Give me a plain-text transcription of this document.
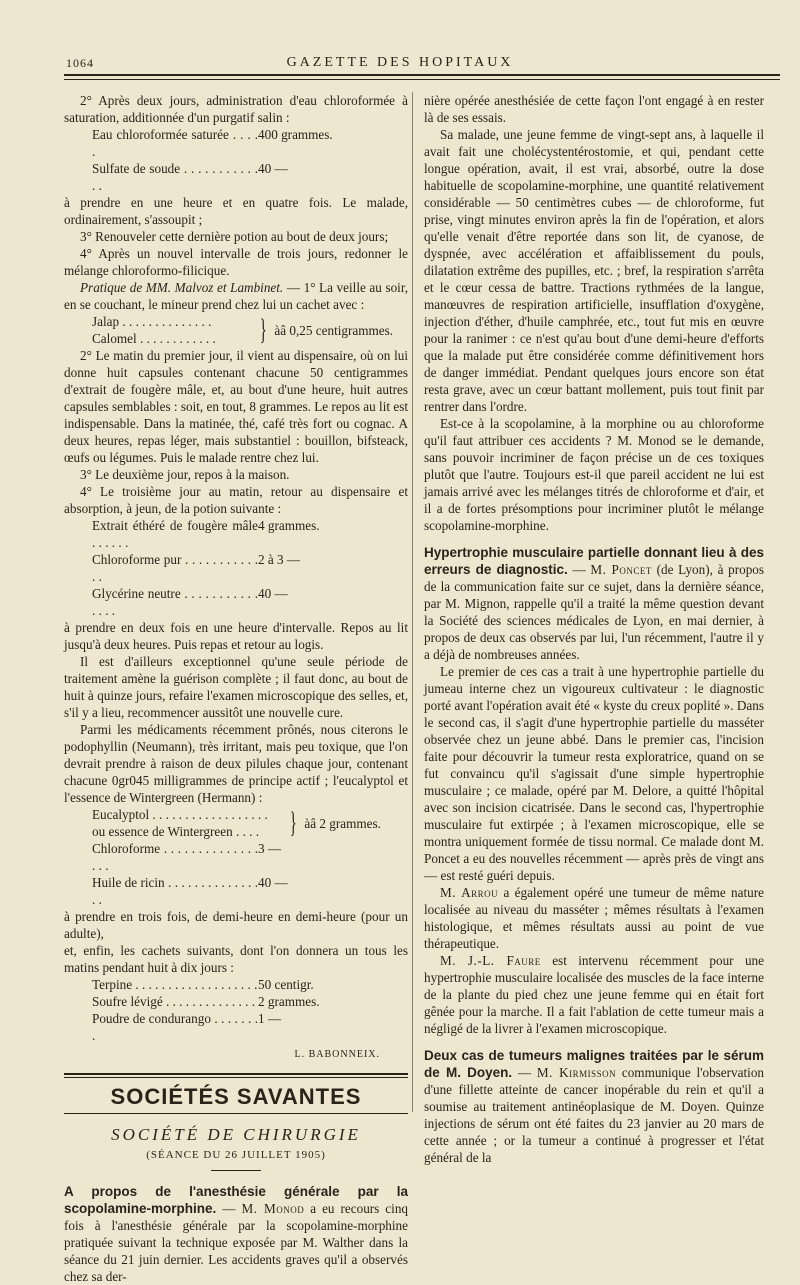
1064	GAZETTE DES HOPITAUX

2° Après deux jours, administration d'eau chloroformée à saturation, additionnée d'un purgatif salin :

Eau chloroformée saturée . . . . .
400 grammes.
Sulfate de soude . . . . . . . . . . . . .
40 —

à prendre en une heure et en quatre fois. Le malade, ordinairement, s'assoupit ;

3° Renouveler cette dernière potion au bout de deux jours;

4° Après un nouvel intervalle de trois jours, redonner le mélange chloroformo-filicique.

Pratique de MM. Malvoz et Lambinet. — 1° La veille au soir, en se couchant, le mineur prend chez lui un cachet avec :

Jalap . . . . . . . . . . . . . .
Calomel . . . . . . . . . . . .	} àâ 0,25 centigrammes.

2° Le matin du premier jour, il vient au dispensaire, où on lui donne huit capsules contenant chacune 50 centigrammes d'extrait de fougère mâle, et, au bout d'une heure, huit autres capsules semblables : soit, en tout, 8 grammes. Le repos au lit est indispensable. Dans la matinée, thé, café très fort ou cognac. A deux heures, repas léger, mais substantiel : bouillon, bifsteack, œufs ou légumes. Puis le malade rentre chez lui.

3° Le deuxième jour, repos à la maison.

4° Le troisième jour au matin, retour au dispensaire et absorption, à jeun, de la potion suivante :

Extrait éthéré de fougère mâle . . . . . .
4 grammes.
Chloroforme pur . . . . . . . . . . . . .
2 à 3 —
Glycérine neutre . . . . . . . . . . . . . . .
40 —

à prendre en deux fois en une heure d'intervalle. Repos au lit jusqu'à deux heures. Puis repas et retour au logis.

Il est d'ailleurs exceptionnel qu'une seule période de traitement amène la guérison complète ; il faut donc, au bout de huit à quinze jours, refaire l'examen microscopique des selles, et, s'il y a lieu, recommencer aussitôt une nouvelle cure.

Parmi les médicaments récemment prônés, nous citerons le podophyllin (Neumann), très irritant, mais peu toxique, que l'on devrait prendre à raison de deux pilules chaque jour, contenant chacune 0gr045 milligrammes de principe actif ; l'eucalyptol et l'essence de Wintergreen (Hermann) :

Eucalyptol . . . . . . . . . . . . . . . . . .
ou essence de Wintergreen . . . .	} àâ 2 grammes.
Chloroforme . . . . . . . . . . . . . . . . .
3 —
Huile de ricin . . . . . . . . . . . . . . . .
40 —

à prendre en trois fois, de demi-heure en demi-heure (pour un adulte),

et, enfin, les cachets suivants, dont l'on donnera un tous les matins pendant huit à dix jours :

Terpine . . . . . . . . . . . . . . . . . . . 50 centigr.
Soufre lévigé . . . . . . . . . . . . . . 2 grammes.
Poudre de condurango . . . . . . . .
1 —
L. BABONNEIX.
SOCIÉTÉS SAVANTES
SOCIÉTÉ DE CHIRURGIE
(SÉANCE DU 26 JUILLET 1905)

A propos de l'anesthésie générale par la scopolamine-morphine. — M. Monod a eu recours cinq fois à l'anesthésie générale par la scopolamine-morphine pratiquée suivant la technique exposée par M. Walther dans la séance du 21 juin dernier. Les accidents graves qu'il a observés chez sa der-

nière opérée anesthésiée de cette façon l'ont engagé à en rester là de ses essais.

Sa malade, une jeune femme de vingt-sept ans, à laquelle il avait fait une cholécystentérostomie, et qui, pendant cette longue opération, avait, il est vrai, absorbé, outre la dose habituelle de scopolamine-morphine, une quantité relativement considérable — 50 centimètres cubes — de chloroforme, fut prise, vingt minutes environ après la fin de l'opération, et alors qu'elle venait d'être reportée dans son lit, de cyanose, de dyspnée, avec accélération et affaiblissement du pouls, dilatation extrême des pupilles, etc. ; bref, la respiration s'arrêta et le cœur cessa de battre. Tractions rythmées de la langue, manœuvres de respiration artificielle, insufflation d'oxygène, injection d'éther, d'huile camphrée, etc., tout fut mis en œuvre pour la ranimer : ce n'est qu'au bout d'une demi-heure d'efforts que la malade put être considérée comme définitivement hors de danger immédiat. Pendant quelques jours encore son état resta grave, avec un cœur battant mollement, puis tout finit par rentrer dans l'ordre.

Est-ce à la scopolamine, à la morphine ou au chloroforme qu'il faut attribuer ces accidents ? M. Monod se le demande, sans pouvoir incriminer de façon précise un de ces toxiques plutôt que l'autre. Toujours est-il que pareil accident ne lui est jamais arrivé avec les mélanges titrés de chloroforme et d'air, et il a de fortes présomptions pour incriminer plutôt le mélange scopolamine-morphine.

Hypertrophie musculaire partielle donnant lieu à des erreurs de diagnostic. — M. Poncet (de Lyon), à propos de la communication faite sur ce sujet, dans la dernière séance, par M. Mignon, rappelle qu'il a traité la même question devant la Société des sciences médicales de Lyon, en mai dernier, à propos de deux cas observés par lui, l'un récemment, l'autre il y a déjà de nombreuses années.

Le premier de ces cas a trait à une hypertrophie partielle du jumeau interne chez un vigoureux cultivateur : le diagnostic porté avant l'opération avait été « kyste du creux poplité ». Dans le second cas, il s'agit d'une hypertrophie partielle du masséter observée chez un jeune abbé. Dans le premier cas, l'incision faite pour découvrir la tumeur resta exploratrice, quand on se fut convaincu qu'il s'agissait d'une simple hypertrophie musculaire ; ce malade, opéré par M. Delore, a quitté l'hôpital avec son incision cicatrisée. Dans le second cas, l'hypertrophie musculaire fut extirpée ; à l'examen microscopique, elle se montra uniquement formée de tissu normal. Ce malade dont M. Poncet a eu des nouvelles récemment — après près de vingt ans — est resté guéri depuis.

M. Arrou a également opéré une tumeur de même nature localisée au niveau du masséter ; mêmes résultats à l'examen histologique, et mêmes résultats aussi au point de vue thérapeutique.

M. J.-L. Faure est intervenu récemment pour une hypertrophie musculaire localisée des muscles de la face interne de la plante du pied chez une jeune femme qui en était fort gênée pour la marche. Il a fait l'ablation de cette tumeur mais a négligé de la livrer à l'examen microscopique.

Deux cas de tumeurs malignes traitées par le sérum de M. Doyen. — M. Kirmisson communique l'observation d'une fillette atteinte de cancer inopérable du rein et qu'il a soumise au traitement antinéoplasique de M. Doyen. Quinze injections de sérum ont été faites du 23 janvier au 20 mars de cette année ; or la tumeur a continué à progresser et l'état général de la
